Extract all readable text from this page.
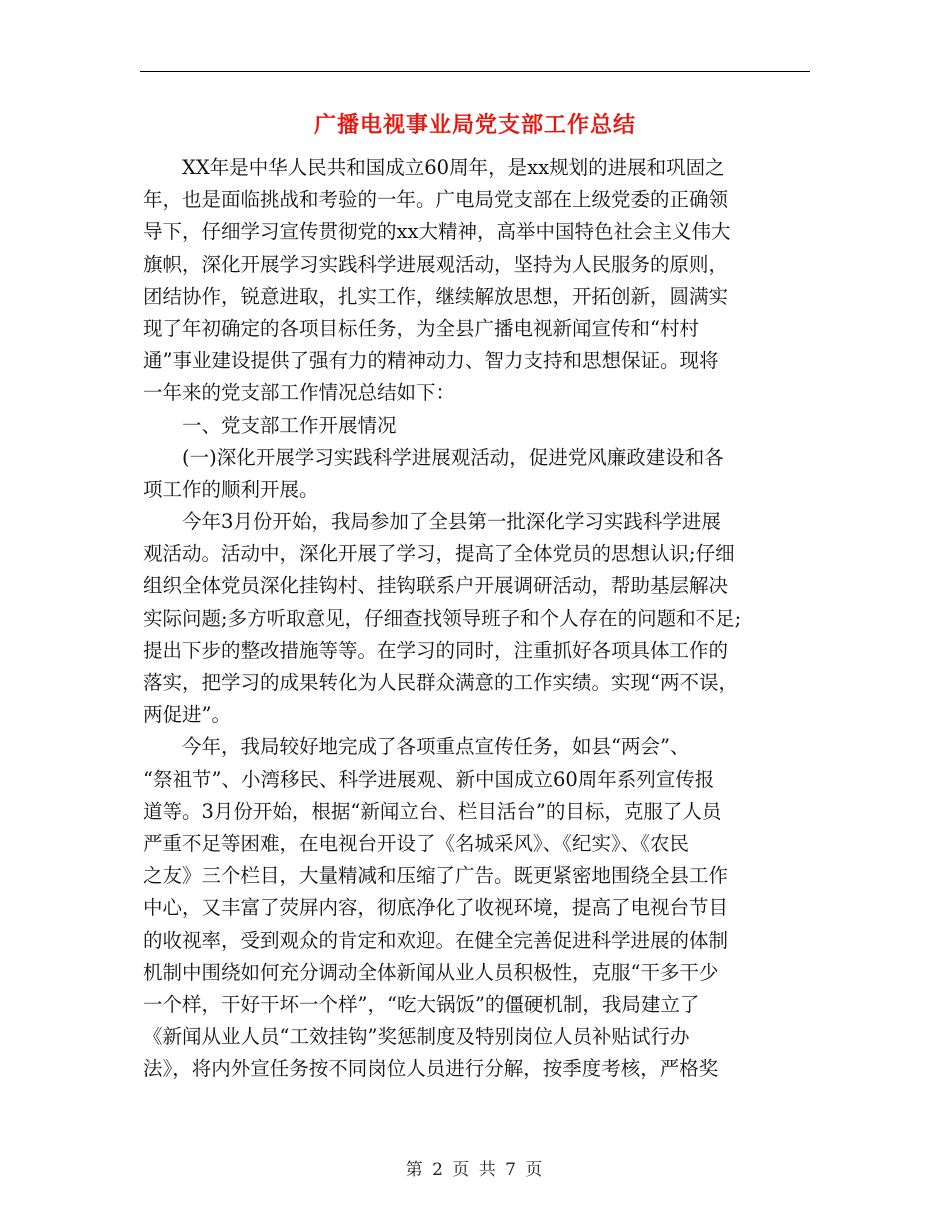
广播电视事业局党支部工作总结
　　XX年是中华人民共和国成立60周年，是xx规划的进展和巩固之
年，也是面临挑战和考验的一年。广电局党支部在上级党委的正确领
导下，仔细学习宣传贯彻党的xx大精神，高举中国特色社会主义伟大
旗帜，深化开展学习实践科学进展观活动，坚持为人民服务的原则，
团结协作，锐意进取，扎实工作，继续解放思想，开拓创新，圆满实
现了年初确定的各项目标任务，为全县广播电视新闻宣传和“村村
通”事业建设提供了强有力的精神动力、智力支持和思想保证。现将
一年来的党支部工作情况总结如下：
　　一、党支部工作开展情况
　　(一)深化开展学习实践科学进展观活动，促进党风廉政建设和各
项工作的顺利开展。
　　今年3月份开始，我局参加了全县第一批深化学习实践科学进展
观活动。活动中，深化开展了学习，提高了全体党员的思想认识;仔细
组织全体党员深化挂钩村、挂钩联系户开展调研活动，帮助基层解决
实际问题;多方听取意见，仔细查找领导班子和个人存在的问题和不足;
提出下步的整改措施等等。在学习的同时，注重抓好各项具体工作的
落实，把学习的成果转化为人民群众满意的工作实绩。实现“两不误，
两促进”。
　　今年，我局较好地完成了各项重点宣传任务，如县“两会”、
“祭祖节”、小湾移民、科学进展观、新中国成立60周年系列宣传报
道等。3月份开始，根据“新闻立台、栏目活台”的目标，克服了人员
严重不足等困难，在电视台开设了《名城采风》、《纪实》、《农民
之友》三个栏目，大量精减和压缩了广告。既更紧密地围绕全县工作
中心，又丰富了荧屏内容，彻底净化了收视环境，提高了电视台节目
的收视率，受到观众的肯定和欢迎。在健全完善促进科学进展的体制
机制中围绕如何充分调动全体新闻从业人员积极性，克服“干多干少
一个样，干好干坏一个样”，“吃大锅饭”的僵硬机制，我局建立了
《新闻从业人员“工效挂钩”奖惩制度及特别岗位人员补贴试行办
法》，将内外宣任务按不同岗位人员进行分解，按季度考核，严格奖
第 2 页 共 7 页
